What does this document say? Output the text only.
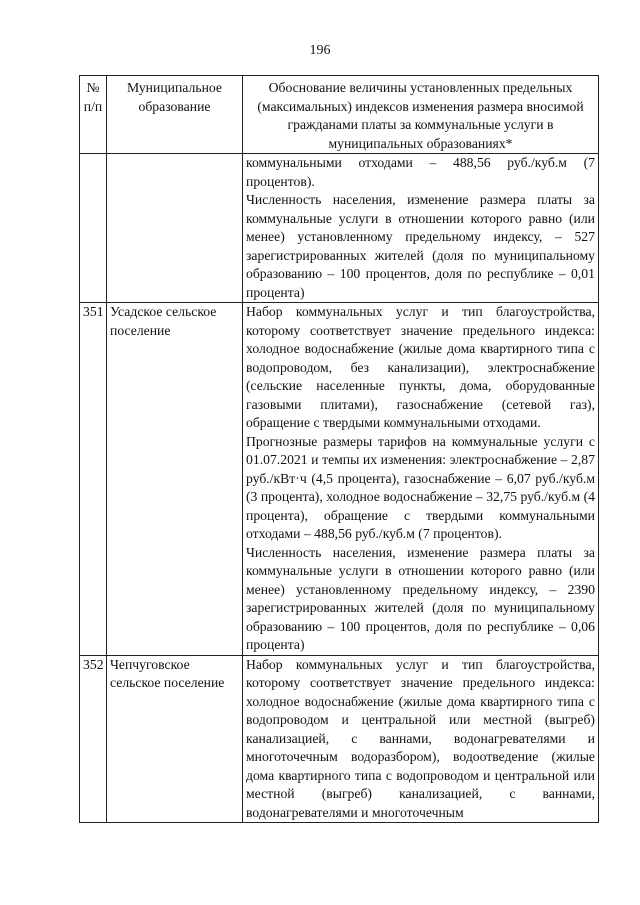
196
№ п/п	Муниципальное образование	Обоснование величины установленных предельных (максимальных) индексов изменения размера вносимой гражданами платы за коммунальные услуги в муниципальных образованиях*

		коммунальными отходами – 488,56 руб./куб.м (7 процентов).
Численность населения, изменение размера платы за коммунальные услуги в отношении которого равно (или менее) установленному предельному индексу, – 527 зарегистрированных жителей (доля по муниципальному образованию – 100 процентов, доля по республике – 0,01 процента)

351	Усадское сельское поселение	Набор коммунальных услуг и тип благоустройства, которому соответствует значение предельного индекса: холодное водоснабжение (жилые дома квартирного типа с водопроводом, без канализации), электроснабжение (сельские населенные пункты, дома, оборудованные газовыми плитами), газоснабжение (сетевой газ), обращение с твердыми коммунальными отходами.
Прогнозные размеры тарифов на коммунальные услуги с 01.07.2021 и темпы их изменения: электроснабжение – 2,87 руб./кВт·ч (4,5 процента), газоснабжение – 6,07 руб./куб.м (3 процента), холодное водоснабжение – 32,75 руб./куб.м (4 процента), обращение с твердыми коммунальными отходами – 488,56 руб./куб.м (7 процентов).
Численность населения, изменение размера платы за коммунальные услуги в отношении которого равно (или менее) установленному предельному индексу, – 2390 зарегистрированных жителей (доля по муниципальному образованию – 100 процентов, доля по республике – 0,06 процента)

352	Чепчуговское сельское поселение	Набор коммунальных услуг и тип благоустройства, которому соответствует значение предельного индекса: холодное водоснабжение (жилые дома квартирного типа с водопроводом и центральной или местной (выгреб) канализацией, с ваннами, водонагревателями и многоточечным водоразбором), водоотведение (жилые дома квартирного типа с водопроводом и центральной или местной (выгреб) канализацией, с ваннами, водонагревателями и многоточечным
